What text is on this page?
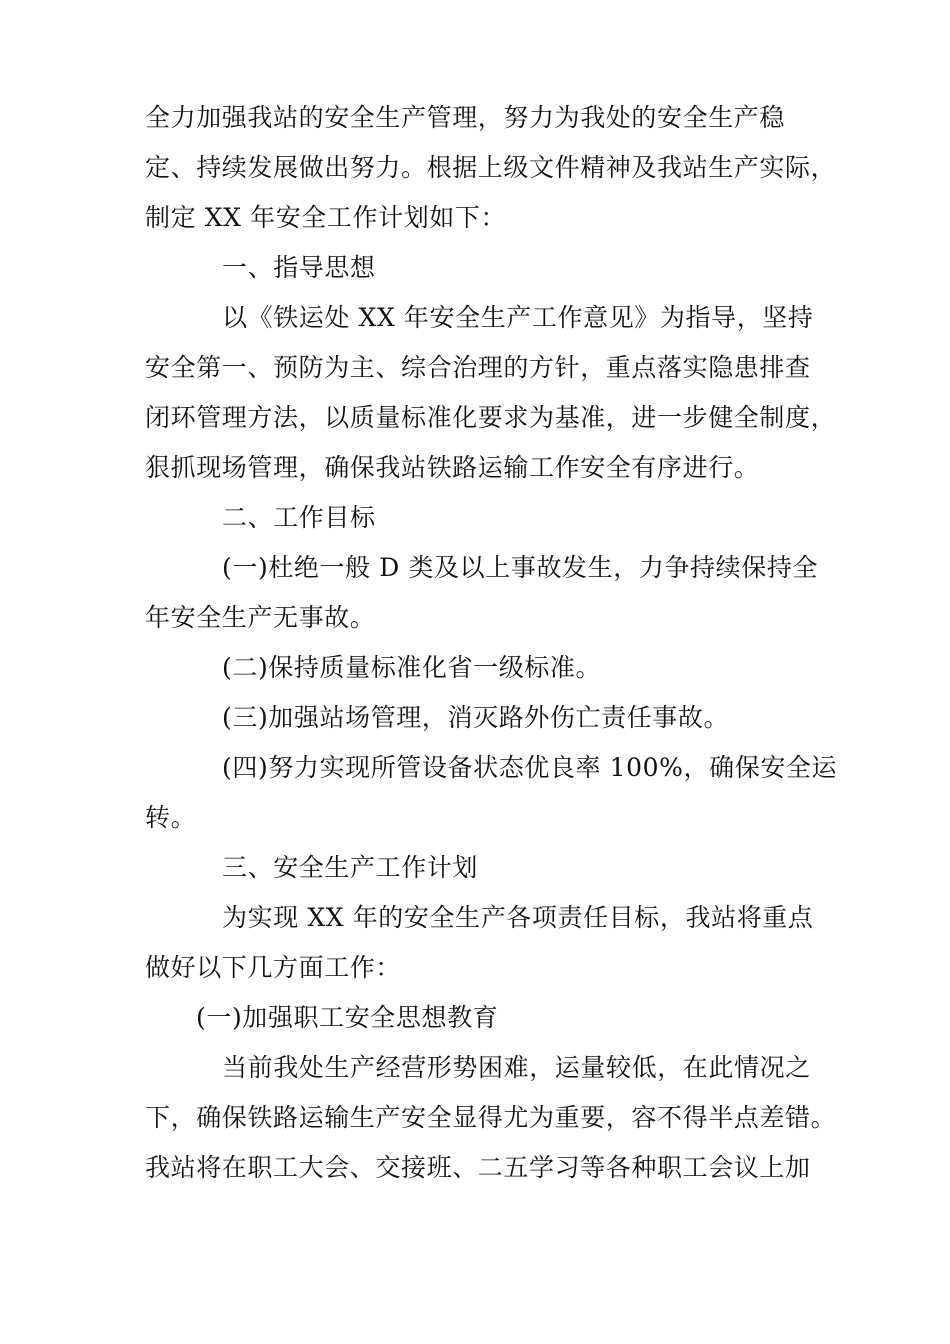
全力加强我站的安全生产管理，努力为我处的安全生产稳
定、持续发展做出努力。根据上级文件精神及我站生产实际，
制定 XX 年安全工作计划如下：
一、指导思想
以《铁运处 XX 年安全生产工作意见》为指导，坚持
安全第一、预防为主、综合治理的方针，重点落实隐患排查
闭环管理方法，以质量标准化要求为基准，进一步健全制度，
狠抓现场管理，确保我站铁路运输工作安全有序进行。
二、工作目标
(一)杜绝一般 D 类及以上事故发生，力争持续保持全
年安全生产无事故。
(二)保持质量标准化省一级标准。
(三)加强站场管理，消灭路外伤亡责任事故。
(四)努力实现所管设备状态优良率 100%，确保安全运
转。
三、安全生产工作计划
为实现 XX 年的安全生产各项责任目标，我站将重点
做好以下几方面工作：
(一)加强职工安全思想教育
当前我处生产经营形势困难，运量较低，在此情况之
下，确保铁路运输生产安全显得尤为重要，容不得半点差错。
我站将在职工大会、交接班、二五学习等各种职工会议上加
